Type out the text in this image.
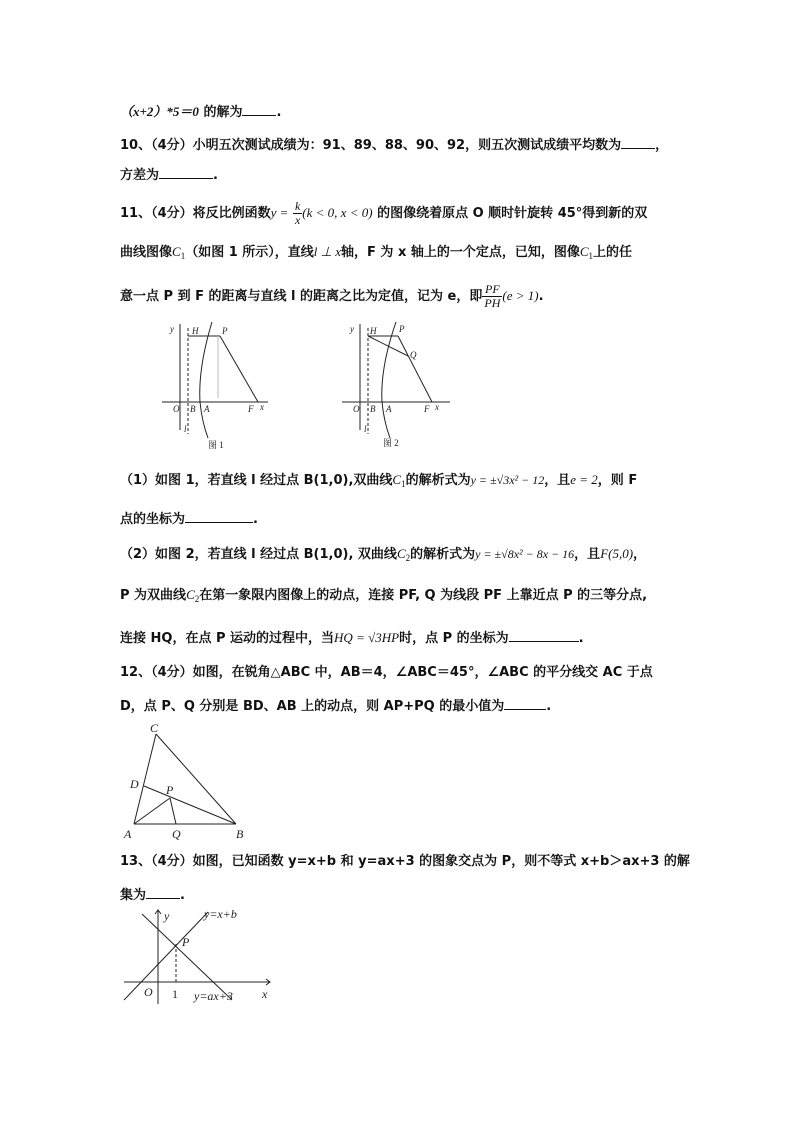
（x+2）*5＝0 的解为	.
10、（4分）小明五次测试成绩为：91、89、88、90、92，则五次测试成绩平均数为	，
方差为	.
11、（4分）将反比例函数$y = \frac{k}{x} (k < 0$, x < 0) 的图像绕着原点 O 顺时针旋转 45°得到新的双
曲线图像$C_1$（如图 1 所示），直线l ⊥ x轴，F 为 x 轴上的一个定点，已知，图像$C_1$上的任
意一点 P 到 F 的距离与直线 l 的距离之比为定值，记为 e，即 $\frac{PF}{PH} (e > 1)$.
y H	P
O B A	F x
l
图 1
y H	P
Q
O B A	F x
l
图 2
（1）如图 1，若直线 l 经过点 B(1,0),双曲线$C_1$的解析式为y = ±√3x² − 12，且e = 2，则 F
点的坐标为	.
（2）如图 2，若直线 l 经过点 B(1,0), 双曲线$C_2$的解析式为y = ±√8x² − 8x − 16，且F(5,0)，
P 为双曲线$C_2$在第一象限内图像上的动点，连接 PF, Q 为线段 PF 上靠近点 P 的三等分点,
连接 HQ，在点 P 运动的过程中，当HQ = √3HP时，点 P 的坐标为	.
12、（4分）如图，在锐角△ABC 中，AB＝4，∠ABC＝45°，∠ABC 的平分线交 AC 于点
D，点 P、Q 分别是 BD、AB 上的动点，则 AP+PQ 的最小值为	.
C
D P
A	Q	B
13、（4分）如图，已知函数 y=x+b 和 y=ax+3 的图象交点为 P，则不等式 x+b＞ax+3 的解
集为	.
y	y=x+b
P
O 1 y=ax+3 x
